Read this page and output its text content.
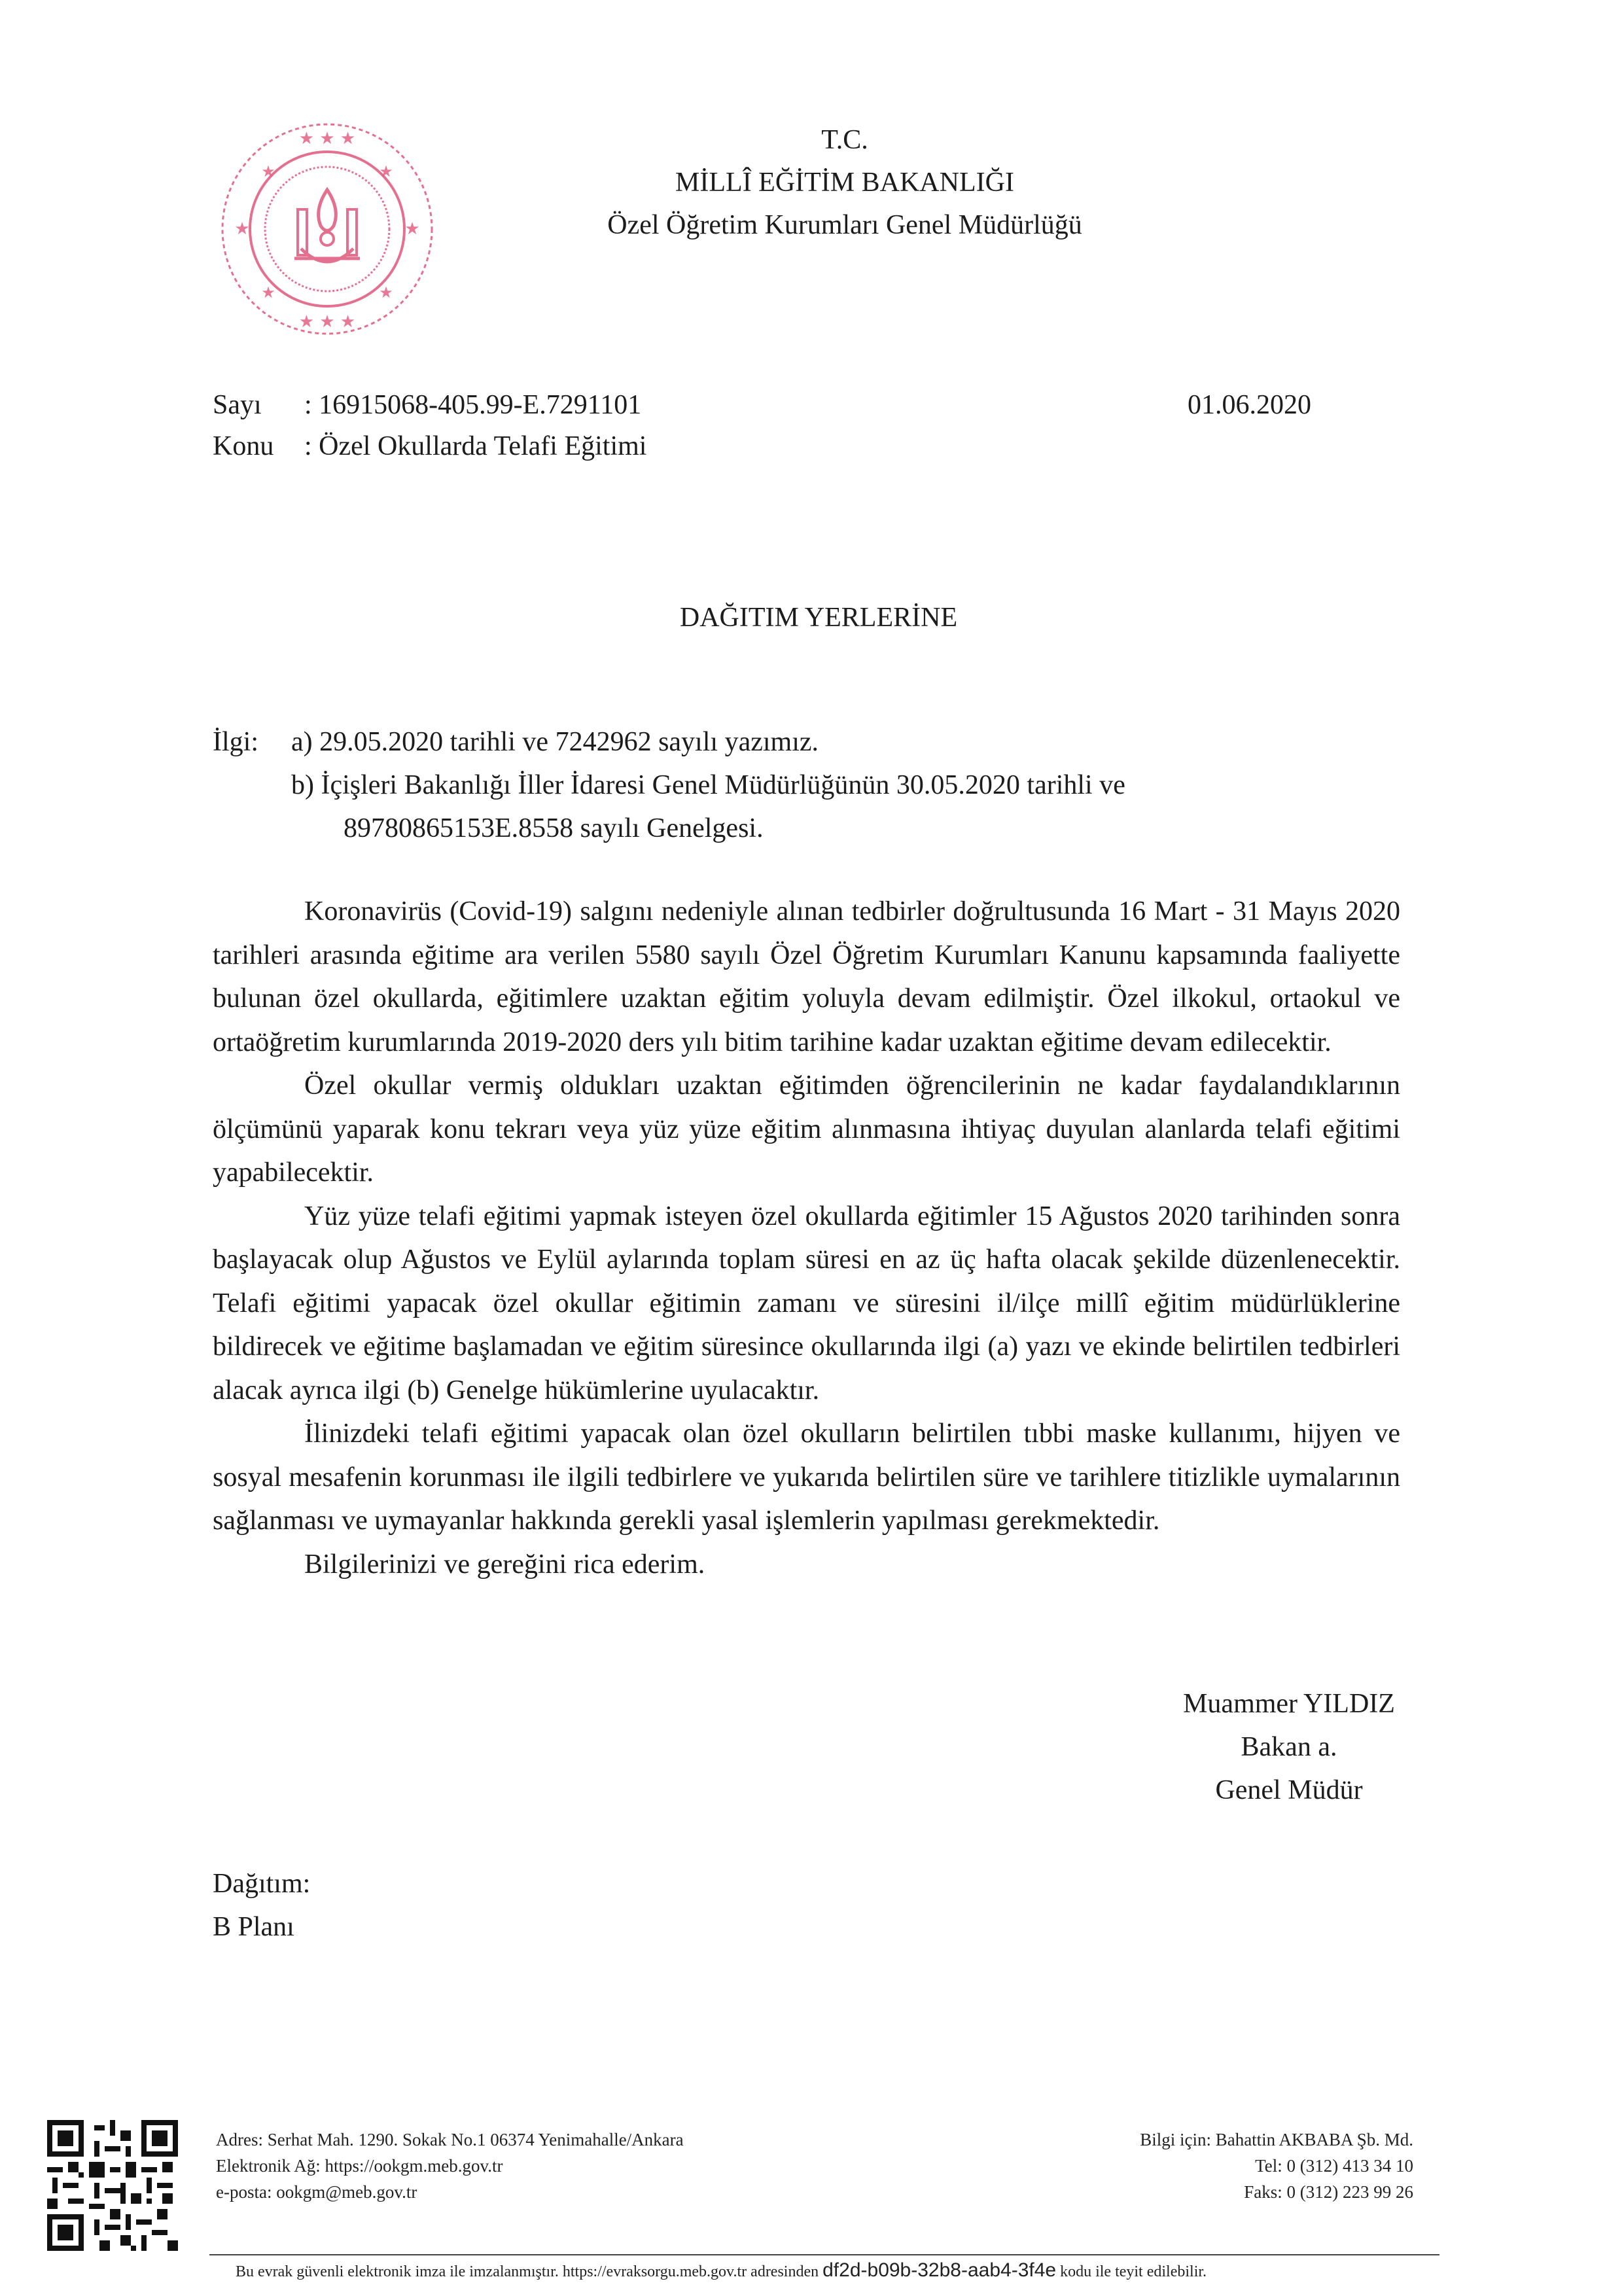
★ ★ ★
★	★
★	★
★	★
★ ★ ★
T.C.
MİLLÎ EĞİTİM BAKANLIĞI
Özel Öğretim Kurumları Genel Müdürlüğü
Sayı : 16915068-405.99-E.7291101
Konu : Özel Okullarda Telafi Eğitimi
01.06.2020
DAĞITIM YERLERİNE
İlgi: a) 29.05.2020 tarihli ve 7242962 sayılı yazımız.
b) İçişleri Bakanlığı İller İdaresi Genel Müdürlüğünün 30.05.2020 tarihli ve
89780865153E.8558 sayılı Genelgesi.

Koronavirüs (Covid-19) salgını nedeniyle alınan tedbirler doğrultusunda 16 Mart - 31 Mayıs 2020 tarihleri arasında eğitime ara verilen 5580 sayılı Özel Öğretim Kurumları Kanunu kapsamında faaliyette bulunan özel okullarda, eğitimlere uzaktan eğitim yoluyla devam edilmiştir. Özel ilkokul, ortaokul ve ortaöğretim kurumlarında 2019-2020 ders yılı bitim tarihine kadar uzaktan eğitime devam edilecektir.

Özel okullar vermiş oldukları uzaktan eğitimden öğrencilerinin ne kadar faydalandıklarının ölçümünü yaparak konu tekrarı veya yüz yüze eğitim alınmasına ihtiyaç duyulan alanlarda telafi eğitimi yapabilecektir.

Yüz yüze telafi eğitimi yapmak isteyen özel okullarda eğitimler 15 Ağustos 2020 tarihinden sonra başlayacak olup Ağustos ve Eylül aylarında toplam süresi en az üç hafta olacak şekilde düzenlenecektir. Telafi eğitimi yapacak özel okullar eğitimin zamanı ve süresini il/ilçe millî eğitim müdürlüklerine bildirecek ve eğitime başlamadan ve eğitim süresince okullarında ilgi (a) yazı ve ekinde belirtilen tedbirleri alacak ayrıca ilgi (b) Genelge hükümlerine uyulacaktır.

İlinizdeki telafi eğitimi yapacak olan özel okulların belirtilen tıbbi maske kullanımı, hijyen ve sosyal mesafenin korunması ile ilgili tedbirlere ve yukarıda belirtilen süre ve tarihlere titizlikle uymalarının sağlanması ve uymayanlar hakkında gerekli yasal işlemlerin yapılması gerekmektedir.

Bilgilerinizi ve gereğini rica ederim.

Muammer YILDIZ
Bakan a.
Genel Müdür
Dağıtım:
B Planı
Adres: Serhat Mah. 1290. Sokak No.1 06374 Yenimahalle/Ankara
Elektronik Ağ: https://ookgm.meb.gov.tr
e-posta: ookgm@meb.gov.tr
Bilgi için: Bahattin AKBABA Şb. Md.
Tel: 0 (312) 413 34 10
Faks: 0 (312) 223 99 26
Bu evrak güvenli elektronik imza ile imzalanmıştır. https://evraksorgu.meb.gov.tr adresinden df2d-b09b-32b8-aab4-3f4e kodu ile teyit edilebilir.
